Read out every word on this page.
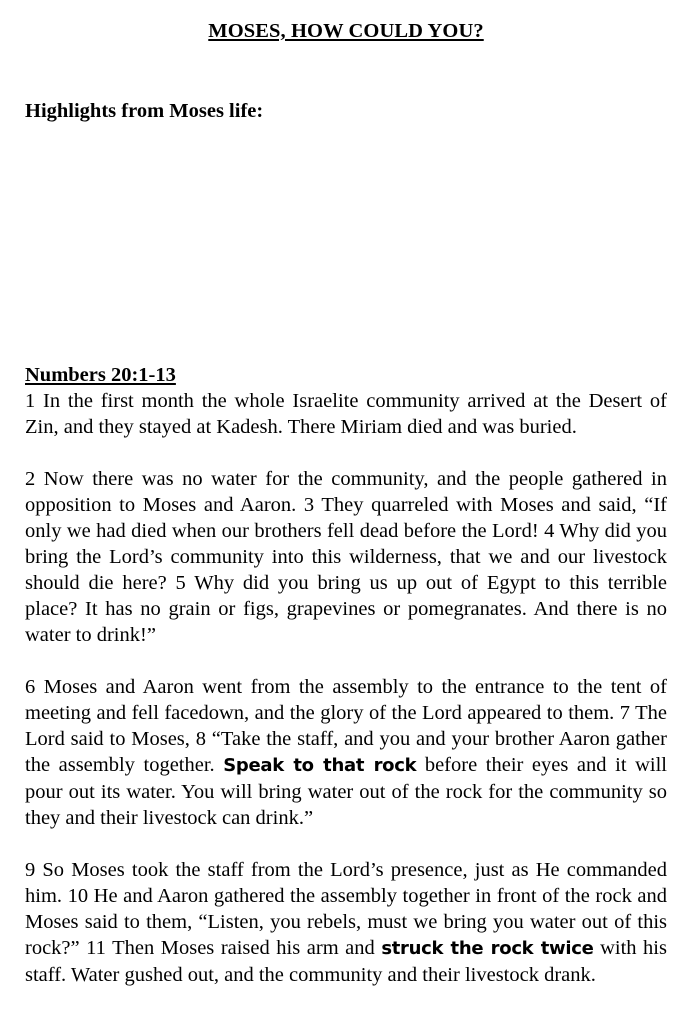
MOSES, HOW COULD YOU?
Highlights from Moses life:
Numbers 20:1-13

1 In the first month the whole Israelite community arrived at the Desert of Zin, and they stayed at Kadesh. There Miriam died and was buried.

2 Now there was no water for the community, and the people gathered in opposition to Moses and Aaron. 3 They quarreled with Moses and said, “If only we had died when our brothers fell dead before the Lord! 4 Why did you bring the Lord’s community into this wilderness, that we and our livestock should die here? 5 Why did you bring us up out of Egypt to this terrible place? It has no grain or figs, grapevines or pomegranates. And there is no water to drink!”

6 Moses and Aaron went from the assembly to the entrance to the tent of meeting and fell facedown, and the glory of the Lord appeared to them. 7 The Lord said to Moses, 8 “Take the staff, and you and your brother Aaron gather the assembly together. Speak to that rock before their eyes and it will pour out its water. You will bring water out of the rock for the community so they and their livestock can drink.”

9 So Moses took the staff from the Lord’s presence, just as He commanded him. 10 He and Aaron gathered the assembly together in front of the rock and Moses said to them, “Listen, you rebels, must we bring you water out of this rock?” 11 Then Moses raised his arm and struck the rock twice with his staff. Water gushed out, and the community and their livestock drank.
